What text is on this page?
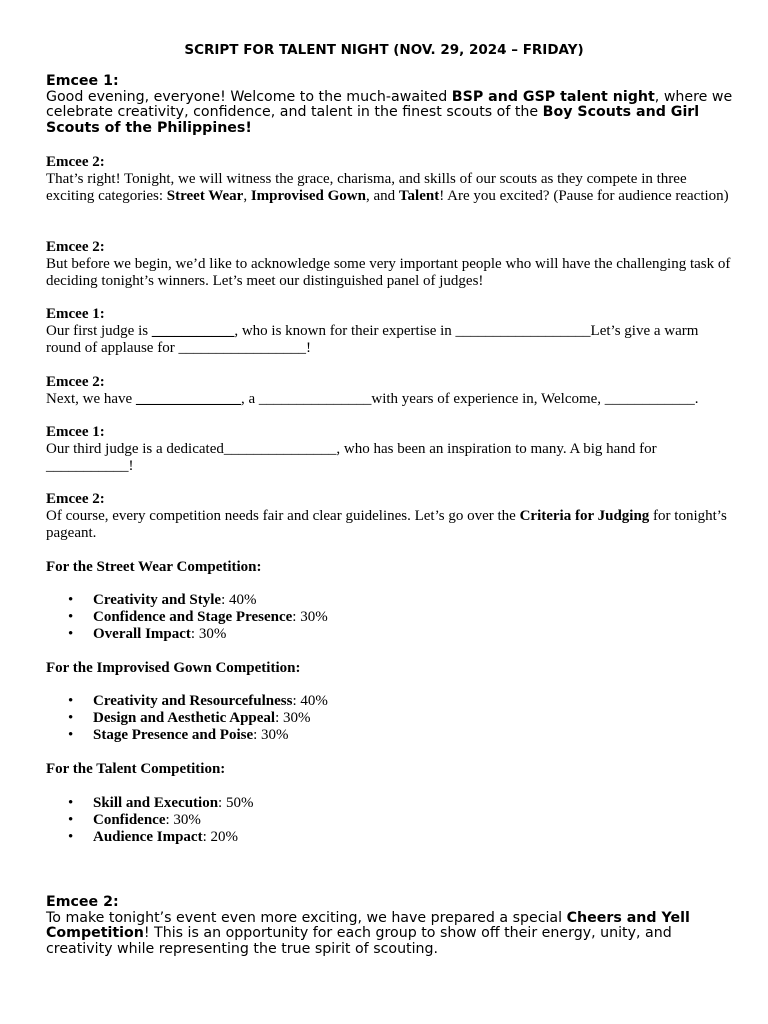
SCRIPT FOR TALENT NIGHT (NOV. 29, 2024 – FRIDAY)
Emcee 1:
Good evening, everyone! Welcome to the much-awaited BSP and GSP talent night, where we celebrate creativity, confidence, and talent in the finest scouts of the Boy Scouts and Girl Scouts of the Philippines!
Emcee 2:
That’s right! Tonight, we will witness the grace, charisma, and skills of our scouts as they compete in three exciting categories: Street Wear, Improvised Gown, and Talent! Are you excited? (Pause for audience reaction)
Emcee 2:
But before we begin, we’d like to acknowledge some very important people who will have the challenging task of deciding tonight’s winners. Let’s meet our distinguished panel of judges!
Emcee 1:
Our first judge is ___________, who is known for their expertise in __________________Let’s give a warm round of applause for _________________!
Emcee 2:
Next, we have ______________, a _______________with years of experience in, Welcome, ____________.
Emcee 1:
Our third judge is a dedicated_______________, who has been an inspiration to many. A big hand for ___________!
Emcee 2:
Of course, every competition needs fair and clear guidelines. Let’s go over the Criteria for Judging for tonight’s pageant.
For the Street Wear Competition:
• Creativity and Style: 40%
• Confidence and Stage Presence: 30%
• Overall Impact: 30%
For the Improvised Gown Competition:
• Creativity and Resourcefulness: 40%
• Design and Aesthetic Appeal: 30%
• Stage Presence and Poise: 30%
For the Talent Competition:
• Skill and Execution: 50%
• Confidence: 30%
• Audience Impact: 20%
Emcee 2:
To make tonight’s event even more exciting, we have prepared a special Cheers and Yell Competition! This is an opportunity for each group to show off their energy, unity, and creativity while representing the true spirit of scouting.
